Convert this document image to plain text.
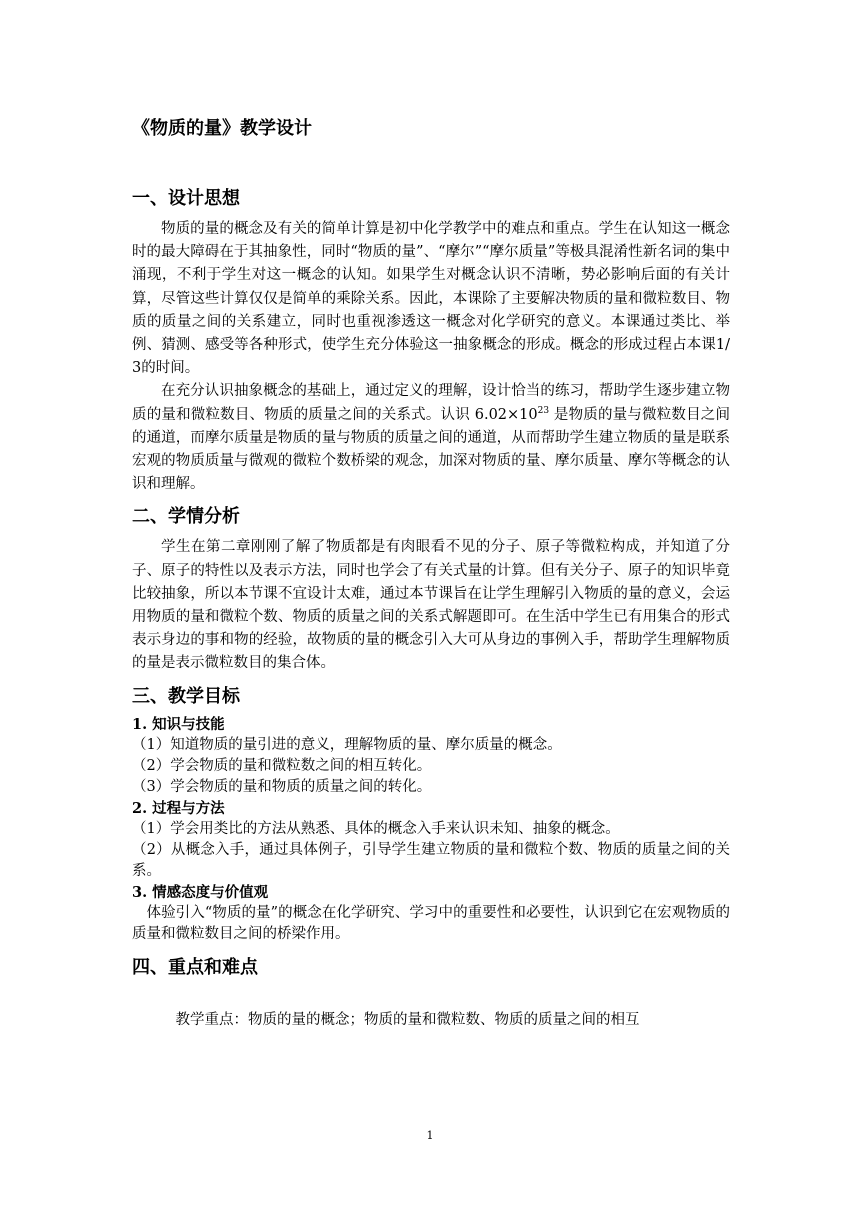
《物质的量》教学设计
一、设计思想

物质的量的概念及有关的简单计算是初中化学教学中的难点和重点。学生在认知这一概念时的最大障碍在于其抽象性，同时“物质的量”、“摩尔”“摩尔质量”等极具混淆性新名词的集中涌现，不利于学生对这一概念的认知。如果学生对概念认识不清晰，势必影响后面的有关计算，尽管这些计算仅仅是简单的乘除关系。因此，本课除了主要解决物质的量和微粒数目、物质的质量之间的关系建立，同时也重视渗透这一概念对化学研究的意义。本课通过类比、举例、猜测、感受等各种形式，使学生充分体验这一抽象概念的形成。概念的形成过程占本课1/3的时间。

在充分认识抽象概念的基础上，通过定义的理解，设计恰当的练习，帮助学生逐步建立物质的量和微粒数目、物质的质量之间的关系式。认识 $6.02\times 10^{23}$ 是物质的量与微粒数目之间的通道，而摩尔质量是物质的量与物质的质量之间的通道，从而帮助学生建立物质的量是联系宏观的物质质量与微观的微粒个数桥梁的观念，加深对物质的量、摩尔质量、摩尔等概念的认识和理解。

二、学情分析

学生在第二章刚刚了解了物质都是有肉眼看不见的分子、原子等微粒构成，并知道了分子、原子的特性以及表示方法，同时也学会了有关式量的计算。但有关分子、原子的知识毕竟比较抽象，所以本节课不宜设计太难，通过本节课旨在让学生理解引入物质的量的意义，会运用物质的量和微粒个数、物质的质量之间的关系式解题即可。在生活中学生已有用集合的形式表示身边的事和物的经验，故物质的量的概念引入大可从身边的事例入手，帮助学生理解物质的量是表示微粒数目的集合体。

三、教学目标
1. 知识与技能

（1）知道物质的量引进的意义，理解物质的量、摩尔质量的概念。

（2）学会物质的量和微粒数之间的相互转化。

（3）学会物质的量和物质的质量之间的转化。

2. 过程与方法

（1）学会用类比的方法从熟悉、具体的概念入手来认识未知、抽象的概念。

（2）从概念入手，通过具体例子，引导学生建立物质的量和微粒个数、物质的质量之间的关系。

3. 情感态度与价值观

体验引入“物质的量”的概念在化学研究、学习中的重要性和必要性，认识到它在宏观物质的质量和微粒数目之间的桥梁作用。

四、重点和难点

教学重点：物质的量的概念；物质的量和微粒数、物质的质量之间的相互

1
